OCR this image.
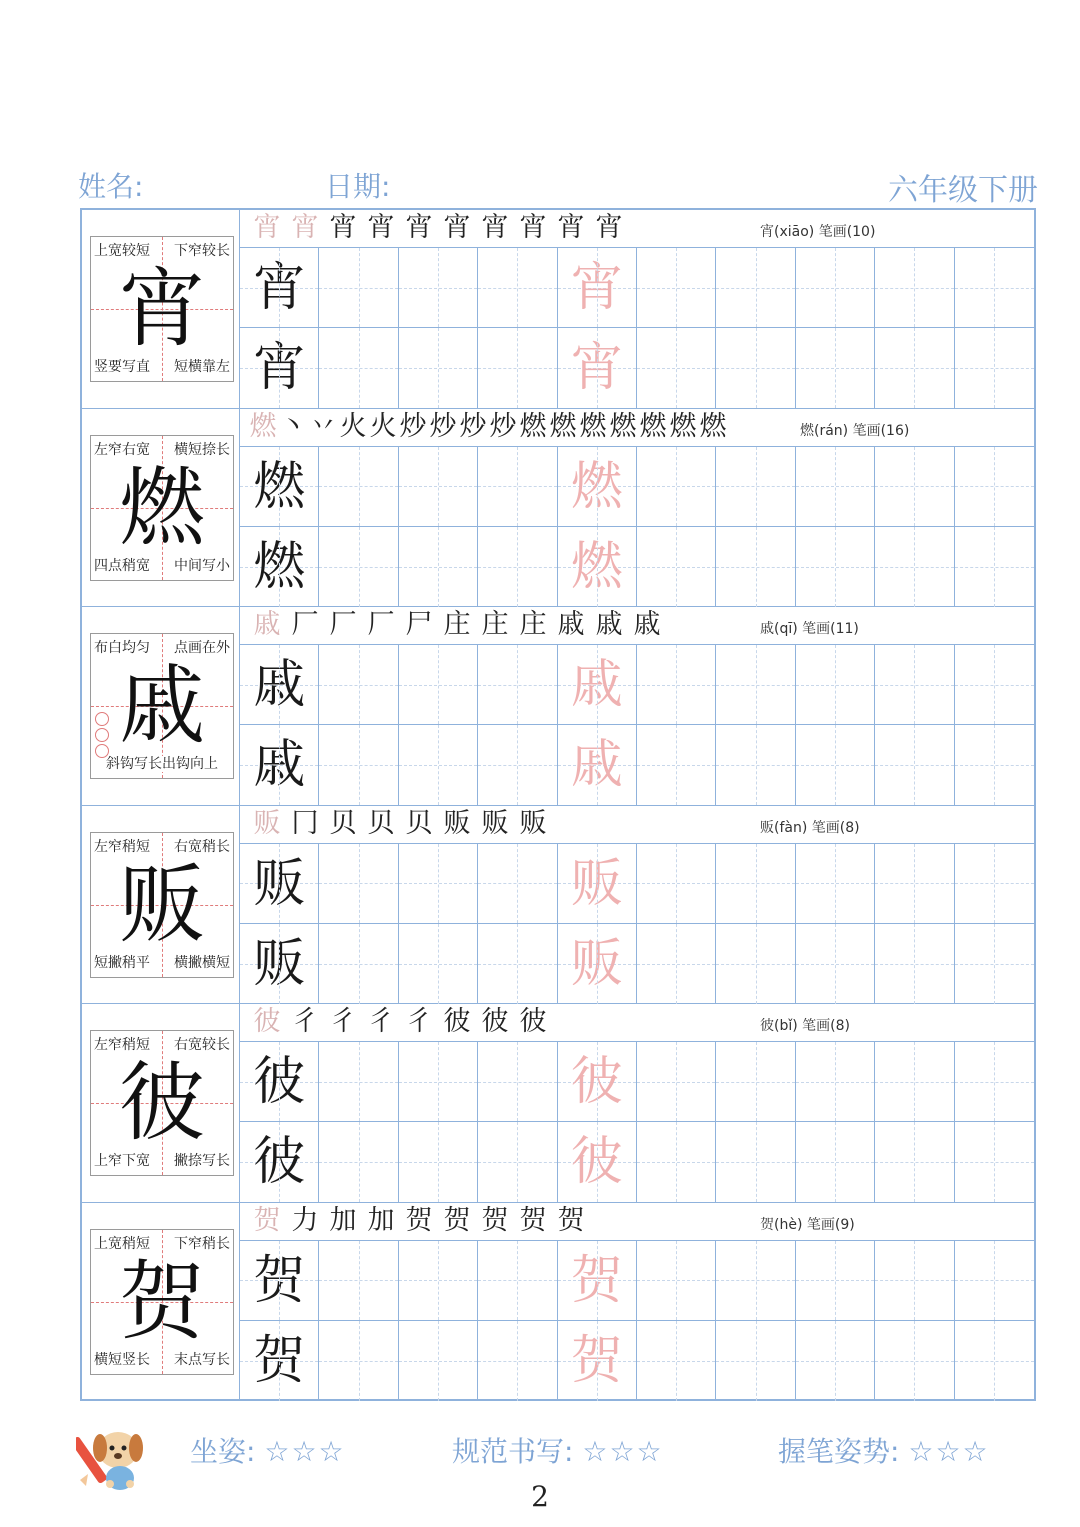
姓名:	日期:	六年级下册
宵
上宽较短 下窄较长
竖要写直 短横靠左
宵 宵 宵 宵 宵 宵 宵 宵 宵 宵	宵(xiāo) 笔画(10)
宵	宵
宵	宵
燃
左窄右宽 横短捺长
四点稍宽 中间写小
燃 丶 丷 火 火 炒 炒 炒 炒 燃 燃 燃 燃 燃 燃 燃	燃(rán) 笔画(16)
燃	燃
燃	燃
戚
布白均匀 点画在外
斜钩写长出钩向上
戚 厂 厂 厂 尸 庄 庄 庄 戚 戚 戚	戚(qī) 笔画(11)
戚	戚
戚	戚
贩
左窄稍短 右宽稍长
短撇稍平 横撇横短
贩 冂 贝 贝 贝 贩 贩 贩	贩(fàn) 笔画(8)
贩	贩
贩	贩
彼
左窄稍短 右宽较长
上窄下宽 撇捺写长
彼 彳 彳 彳 彳 彼 彼 彼	彼(bǐ) 笔画(8)
彼	彼
彼	彼
贺
上宽稍短 下窄稍长
横短竖长 末点写长
贺 力 加 加 贺 贺 贺 贺 贺	贺(hè) 笔画(9)
贺	贺
贺	贺
坐姿: ☆☆☆	规范书写: ☆☆☆	握笔姿势: ☆☆☆
2
